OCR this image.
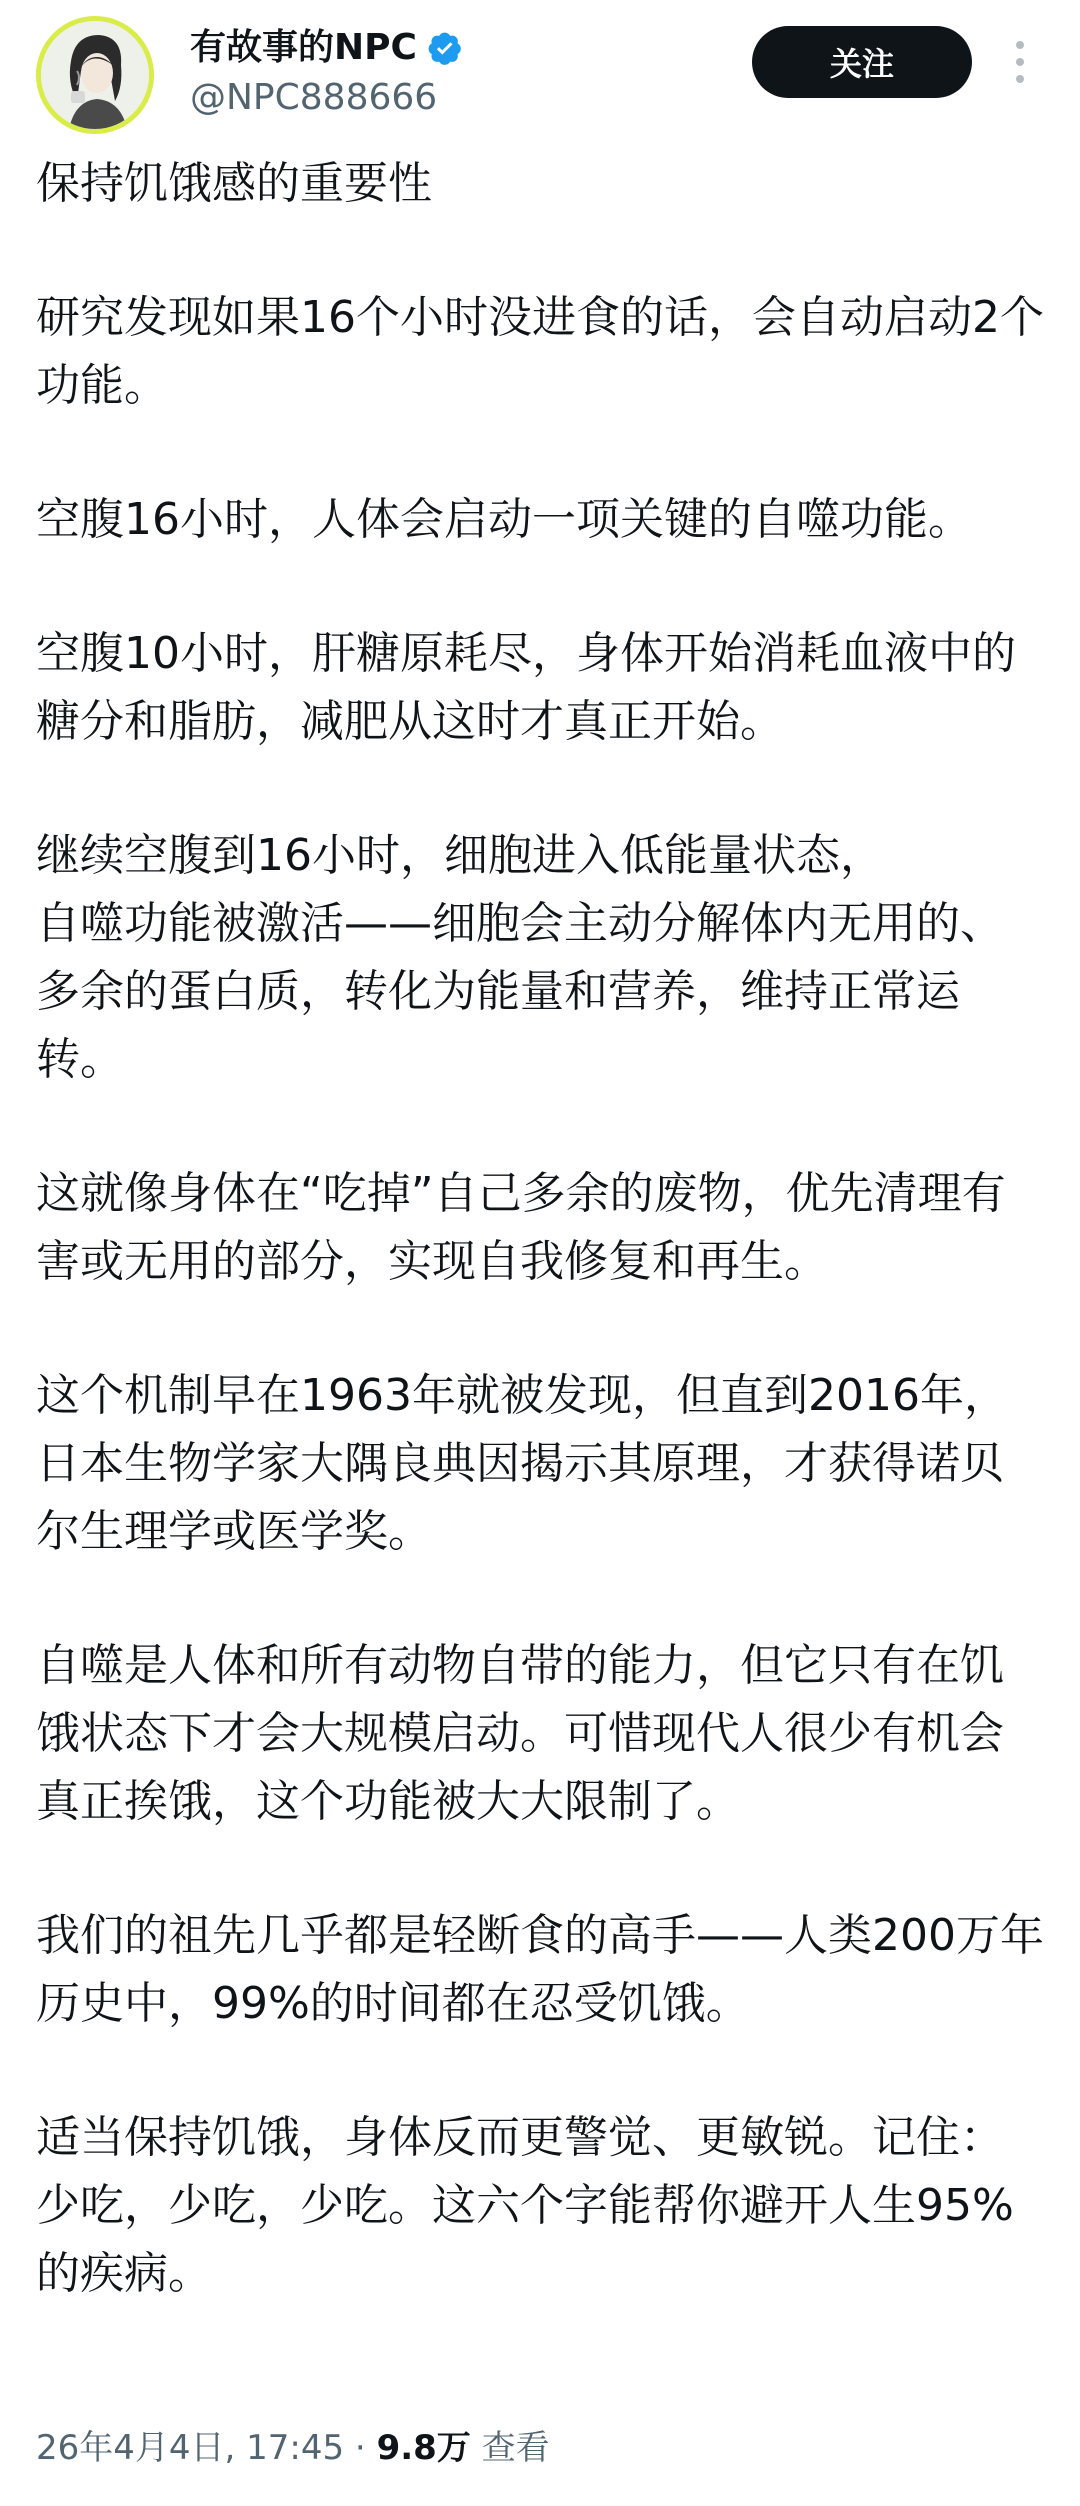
有故事的NPC
@NPC888666
关注

保持饥饿感的重要性

研究发现如果16个小时没进食的话，会自动启动2个功能。

空腹16小时，人体会启动一项关键的自噬功能。

空腹10小时，肝糖原耗尽，身体开始消耗血液中的糖分和脂肪，减肥从这时才真正开始。

继续空腹到16小时，细胞进入低能量状态，
自噬功能被激活——细胞会主动分解体内无用的、多余的蛋白质，转化为能量和营养，维持正常运转。

这就像身体在“吃掉”自己多余的废物，优先清理有害或无用的部分，实现自我修复和再生。

这个机制早在1963年就被发现，但直到2016年，日本生物学家大隅良典因揭示其原理，才获得诺贝尔生理学或医学奖。

自噬是人体和所有动物自带的能力，但它只有在饥饿状态下才会大规模启动。可惜现代人很少有机会真正挨饿，这个功能被大大限制了。

我们的祖先几乎都是轻断食的高手——人类200万年历史中，99%的时间都在忍受饥饿。

适当保持饥饿，身体反而更警觉、更敏锐。记住：少吃，少吃，少吃。这六个字能帮你避开人生95%的疾病。

26年4月4日, 17:45 · 9.8万 查看
